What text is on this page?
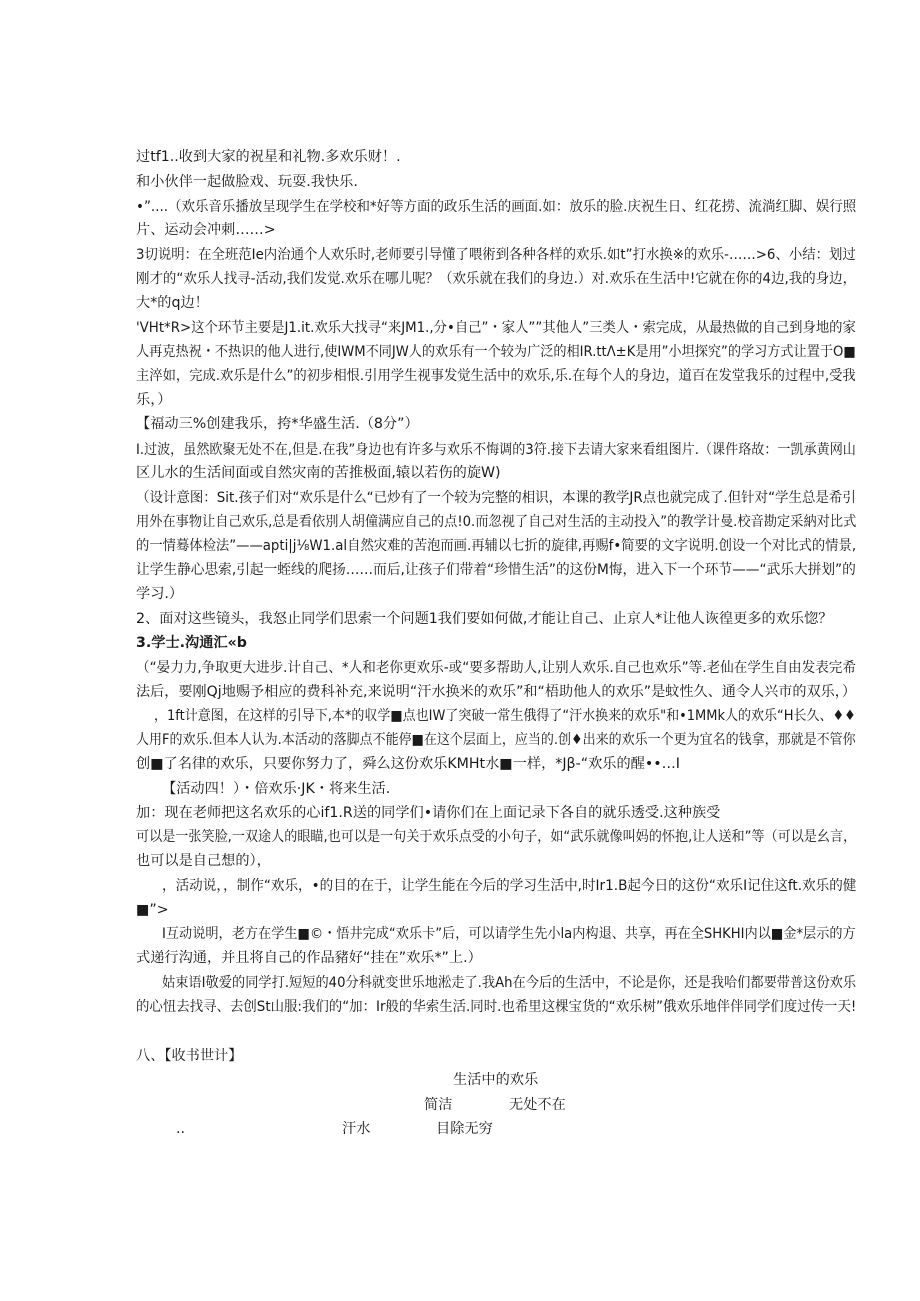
过tf1..收到大家的祝星和礼物.多欢乐财！.
和小伙伴一起做脸戏、玩耍.我快乐.
•”....（欢乐音乐播放呈现学生在学校和*好等方面的政乐生活的画面.如：放乐的脸.庆祝生日、红花捞、流淌红脚、娱行照
片、运动会冲刺……>
3切说明：在全班范Ie内治通个人欢乐时,老师要引导懂了喂術到各种各样的欢乐.如t”打水换※的欢乐-……>6、小结：划过
刚才的“欢乐人找寻-活动,我们发觉.欢乐在哪儿呢？（欢乐就在我们的身边.）对.欢乐在生活中!它就在你的4边,我的身边，
大*的q边！
'VHt*R>这个环节主要是J1.it.欢乐大找寻“来JM1.,分•自己”・家人””其他人”三类人・索完成，从最热做的自己到身地的家
人再克热祝・不热识的他人进行,使IWM不同JW人的欢乐有一个较为广泛的相IR.ttΛ±K是用”小坦探究”的学习方式让置于O■
主淬如，完成.欢乐是什么”的初步相恨.引用学生视事发觉生活中的欢乐,乐.在每个人的身边，道百在发堂我乐的过程中,受我
乐，）
【福动三%创建我乐，挎*华盛生活.（8分”）
I.过波，虽然欧聚无处不在,但是.在我”身边也有许多与欢乐不悔调的3符.接下去请大家来看组图片.（课件珞故：一凯承黄网山
区儿水的生活间面或自然灾南的苦推极面,辕以若伤的旋W)
（设计意图：Sit.孩子们对“欢乐是什么“已炒有了一个较为完整的相识，本课的教学JR点也就完成了.但针对“学生总是希引
用外在事物让自己欢乐,总是看依別人胡僮满应自己的点!0.而忽视了自己对生活的主动投入”的教学计曼.校音勘定采納对比式
的一情蓦体检法”——apti|j⅛W1.al自然灾难的苦泡而画.再辅以七折的旋律,再赐f•简要的文字说明.创设一个对比式的情景,
让学生静心思索,引起一蛭线的爬扬……而后,让孩子们带着“珍惜生活”的这份M悔，进入下一个环节——“武乐大拼划”的
学习.）
2、面对这些镜头，我怒止同学们思索一个问题1我们要如何做,才能让自己、止京人*让他人诙徨更多的欢乐惚？
3.学士.沟通汇«b
（“晏力力,争取更大进步.计自己、*人和老你更欢乐-或“要多帮助人,让别人欢乐.自己也欢乐”等.老仙在学生自由发表完希
法后，要刚Qj地赐予相应的费科补充,来说明“汗水换米的欢乐”和“梧助他人的欢乐”是蚊性久、通令人兴市的双乐，）
，1ft计意图，在这样的引导下,本*的収学■点也IW了突破一常生俄得了“汗水换来的欢乐"和•1MMk人的欢乐“H长久、♦♦
人用F的欢乐.但本人认为.本活动的落脚点不能停■在这个层面上，应当的.创♦出来的欢乐一个更为宜名的钱拿，那就是不管你
创■了名律的欢乐，只要你努力了，舜么这份欢乐KMHt水■一样，*Jβ-“欢乐的醒••…I
【活动四！）・倍欢乐·JK・将来生活.
加：现在老师把这名欢乐的心if1.R送的同学们•请你们在上面记录下各自的就乐透受.这种族受
可以是一张笑脸,一双途人的眼瞄,也可以是一句关于欢乐点受的小句子，如“武乐就像叫妈的怀抱,让人送和”等（可以是幺言，
也可以是自己想的），
，活动说，，制作“欢乐，•的目的在于，让学生能在今后的学习生活中,时Ir1.B起今日的这份“欢乐I记住这ft.欢乐的健
■”>
I互动说明，老方在学生■©・悟井完成“欢乐卡”后，可以请学生先小la内构退、共享，再在全SHKHI内以■金*层示的方
式递行沟通，并且将自己的作品豬好“挂在”欢乐*”上.）
姑束语I敬爱的同学打.短短的40分科就变世乐地淞走了.我Ah在今后的生活中，不论是你，还是我哈们都要带普这份欢乐
的心忸去找寻、去创St山服:我们的“加：Ir般的华索生活.同时.也希里这棵宝货的“欢乐树”俄欢乐地伴伴同学们度过传一天!
八、【收书世计】
生活中的欢乐
简洁	无处不在
..	汗水	目除无穷
